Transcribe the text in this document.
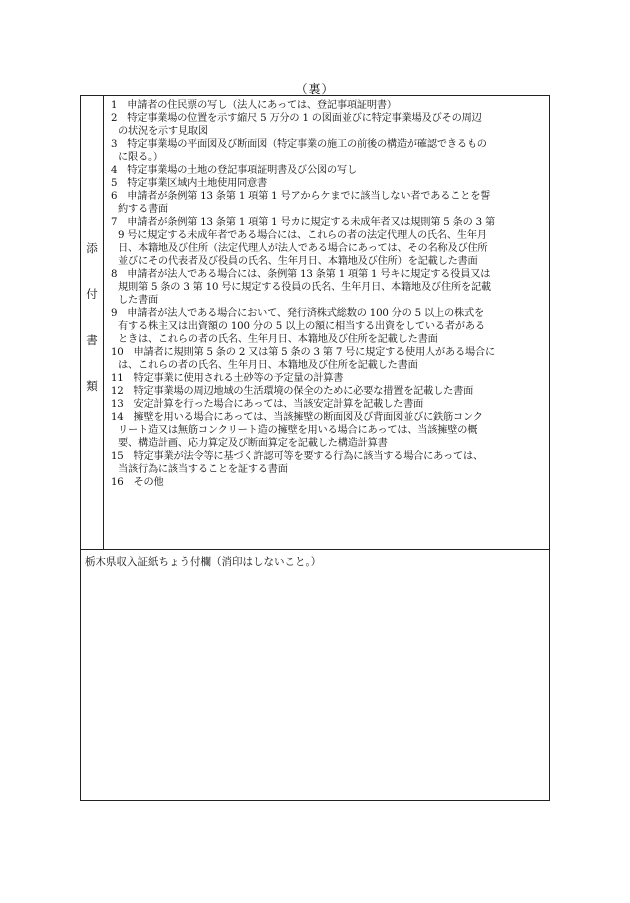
（裏）
添
付
書
類
1　申請者の住民票の写し（法人にあっては、登記事項証明書）
2　特定事業場の位置を示す縮尺 5 万分の 1 の図面並びに特定事業場及びその周辺
の状況を示す見取図
3　特定事業場の平面図及び断面図（特定事業の施工の前後の構造が確認できるもの
に限る。）
4　特定事業場の土地の登記事項証明書及び公図の写し
5　特定事業区域内土地使用同意書
6　申請者が条例第 13 条第 1 項第 1 号アからケまでに該当しない者であることを誓
約する書面
7　申請者が条例第 13 条第 1 項第 1 号カに規定する未成年者又は規則第 5 条の 3 第
9 号に規定する未成年者である場合には、これらの者の法定代理人の氏名、生年月
日、本籍地及び住所（法定代理人が法人である場合にあっては、その名称及び住所
並びにその代表者及び役員の氏名、生年月日、本籍地及び住所）を記載した書面
8　申請者が法人である場合には、条例第 13 条第 1 項第 1 号キに規定する役員又は
規則第 5 条の 3 第 10 号に規定する役員の氏名、生年月日、本籍地及び住所を記載
した書面
9　申請者が法人である場合において、発行済株式総数の 100 分の 5 以上の株式を
有する株主又は出資額の 100 分の 5 以上の額に相当する出資をしている者がある
ときは、これらの者の氏名、生年月日、本籍地及び住所を記載した書面
10　申請者に規則第 5 条の 2 又は第 5 条の 3 第 7 号に規定する使用人がある場合に
は、これらの者の氏名、生年月日、本籍地及び住所を記載した書面
11　特定事業に使用される土砂等の予定量の計算書
12　特定事業場の周辺地域の生活環境の保全のために必要な措置を記載した書面
13　安定計算を行った場合にあっては、当該安定計算を記載した書面
14　擁壁を用いる場合にあっては、当該擁壁の断面図及び背面図並びに鉄筋コンク
リート造又は無筋コンクリート造の擁壁を用いる場合にあっては、当該擁壁の概
要、構造計画、応力算定及び断面算定を記載した構造計算書
15　特定事業が法令等に基づく許認可等を要する行為に該当する場合にあっては、
当該行為に該当することを証する書面
16　その他
栃木県収入証紙ちょう付欄（消印はしないこと。）
